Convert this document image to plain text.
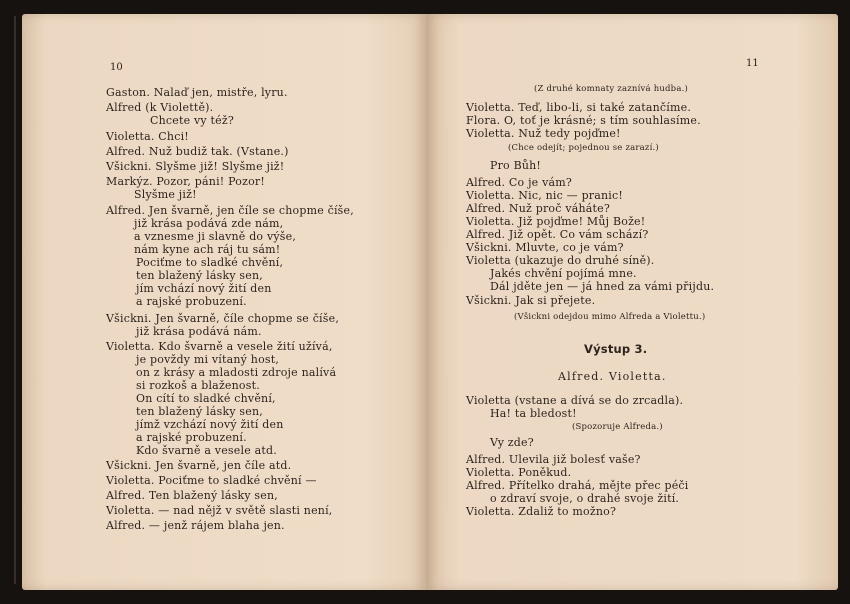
10
Gaston. Nalaď jen, mistře, lyru.
Alfred (k Violettě).
Chcete vy též?
Violetta. Chci!
Alfred. Nuž budiž tak. (Vstane.)
Všickni. Slyšme již! Slyšme již!
Markýz. Pozor, páni! Pozor!
Slyšme již!
Alfred. Jen švarně, jen číle se chopme číše,
již krása podává zde nám,
a vznesme ji slavně do výše,
nám kyne ach ráj tu sám!
Pociťme to sladké chvění,
ten blažený lásky sen,
jím vchází nový žití den
a rajské probuzení.
Všickni. Jen švarně, číle chopme se číše,
již krása podává nám.
Violetta. Kdo švarně a vesele žití užívá,
je povždy mi vítaný host,
on z krásy a mladosti zdroje nalívá
si rozkoš a blaženost.
On cítí to sladké chvění,
ten blažený lásky sen,
jímž vzchází nový žití den
a rajské probuzení.
Kdo švarně a vesele atd.
Všickni. Jen švarně, jen číle atd.
Violetta. Pociťme to sladké chvění —
Alfred. Ten blažený lásky sen,
Violetta. — nad nějž v světě slasti není,
Alfred. — jenž rájem blaha jen.
11
(Z druhé komnaty zaznívá hudba.)
Violetta. Teď, libo-li, si také zatančíme.
Flora. O, toť je krásné; s tím souhlasíme.
Violetta. Nuž tedy pojďme!
(Chce odejít; pojednou se zarazí.)
Pro Bůh!
Alfred. Co je vám?
Violetta. Nic, nic — pranic!
Alfred. Nuž proč váháte?
Violetta. Již pojďme! Můj Bože!
Alfred. Již opět. Co vám schází?
Všickni. Mluvte, co je vám?
Violetta (ukazuje do druhé síně).
Jakés chvění pojímá mne.
Dál jděte jen — já hned za vámi přijdu.
Všickni. Jak si přejete.
(Všickni odejdou mimo Alfreda a Violettu.)
Výstup 3.
Alfred. Violetta.
Violetta (vstane a dívá se do zrcadla).
Ha! ta bledost!
(Spozoruje Alfreda.)
Vy zde?
Alfred. Ulevila již bolesť vaše?
Violetta. Poněkud.
Alfred. Přítelko drahá, mějte přec péči
o zdraví svoje, o drahé svoje žití.
Violetta. Zdaliž to možno?
